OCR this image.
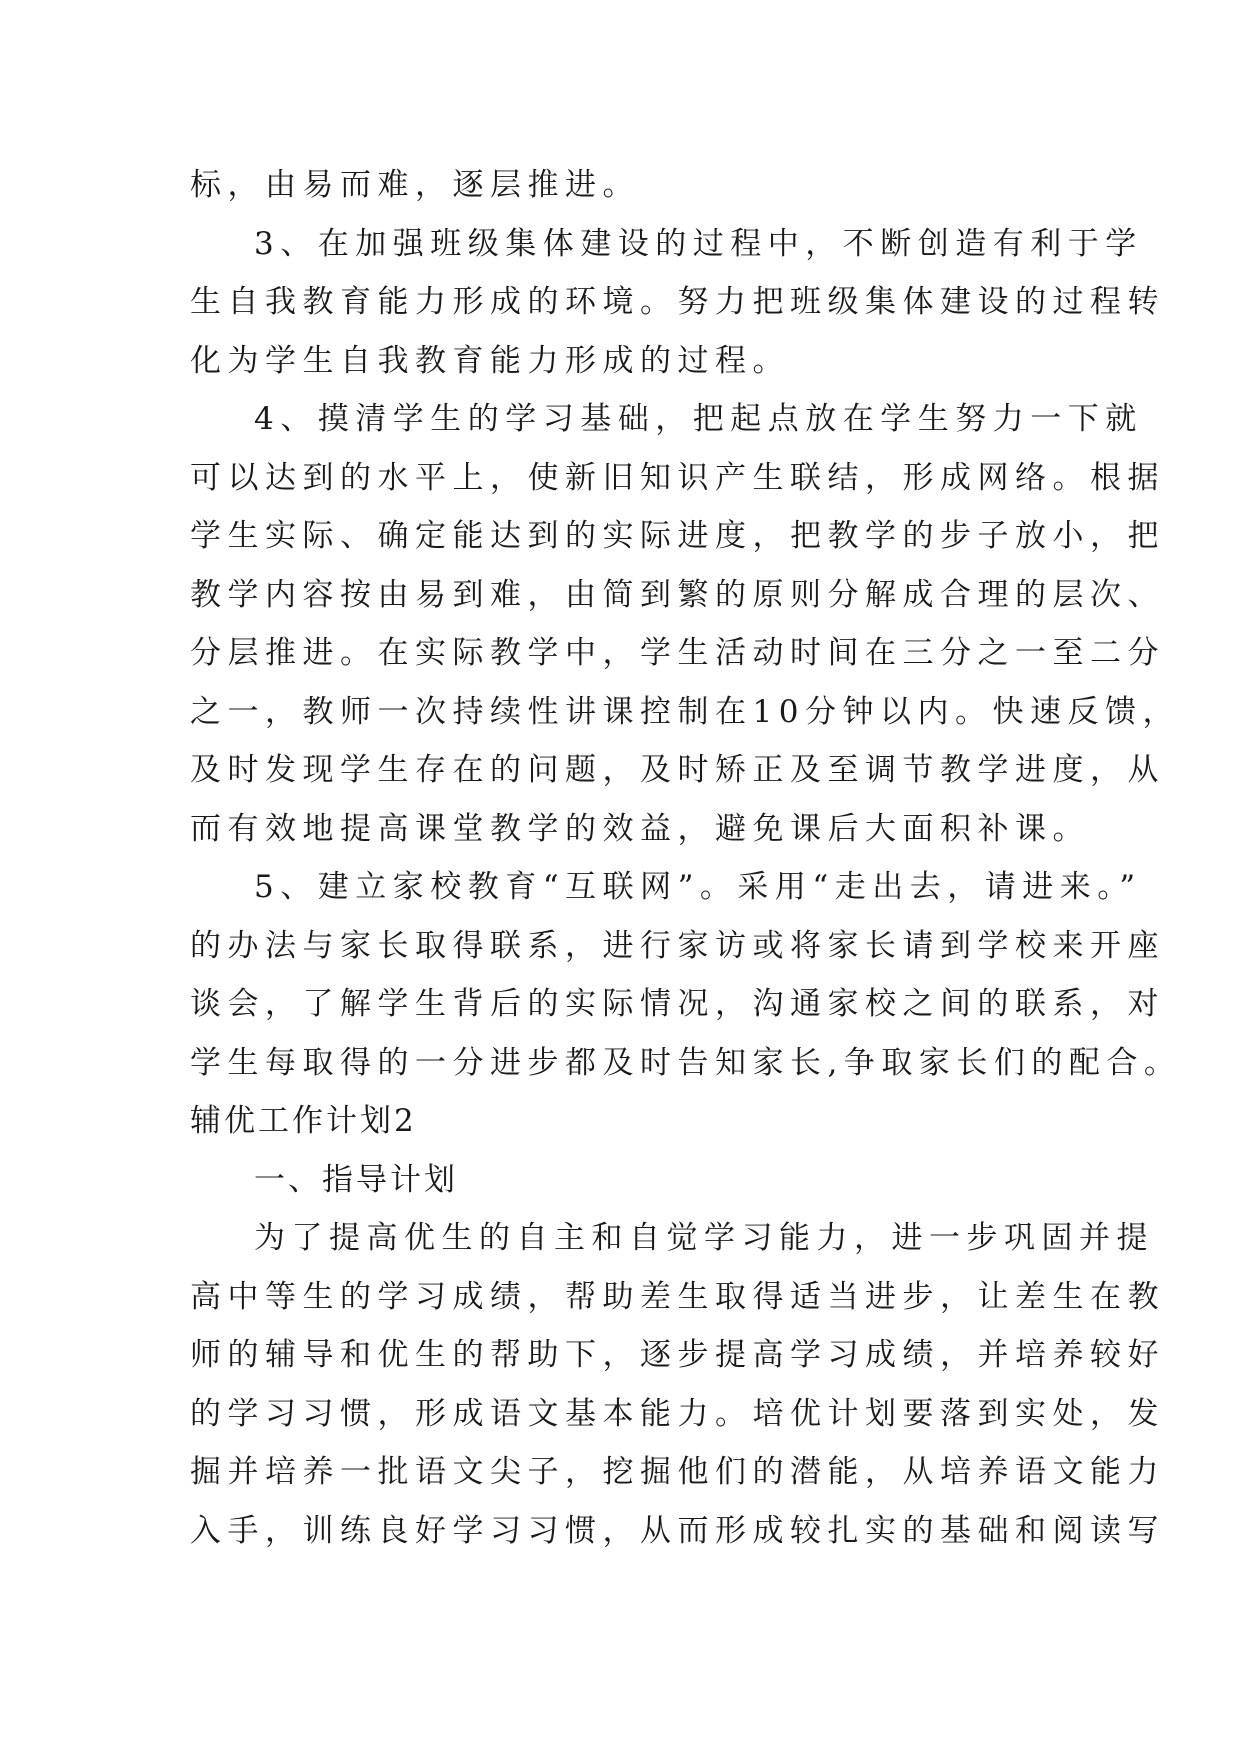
标，由易而难，逐层推进。
3、在加强班级集体建设的过程中，不断创造有利于学
生自我教育能力形成的环境。努力把班级集体建设的过程转
化为学生自我教育能力形成的过程。
4、摸清学生的学习基础，把起点放在学生努力一下就
可以达到的水平上，使新旧知识产生联结，形成网络。根据
学生实际、确定能达到的实际进度，把教学的步子放小，把
教学内容按由易到难，由简到繁的原则分解成合理的层次、
分层推进。在实际教学中，学生活动时间在三分之一至二分
之一，教师一次持续性讲课控制在10分钟以内。快速反馈，
及时发现学生存在的问题，及时矫正及至调节教学进度，从
而有效地提高课堂教学的效益，避免课后大面积补课。
5、建立家校教育“互联网”。采用“走出去，请进来。”
的办法与家长取得联系，进行家访或将家长请到学校来开座
谈会，了解学生背后的实际情况，沟通家校之间的联系，对
学生每取得的一分进步都及时告知家长,争取家长们的配合。
辅优工作计划2
一、指导计划
为了提高优生的自主和自觉学习能力，进一步巩固并提
高中等生的学习成绩，帮助差生取得适当进步，让差生在教
师的辅导和优生的帮助下，逐步提高学习成绩，并培养较好
的学习习惯，形成语文基本能力。培优计划要落到实处，发
掘并培养一批语文尖子，挖掘他们的潜能，从培养语文能力
入手，训练良好学习习惯，从而形成较扎实的基础和阅读写
